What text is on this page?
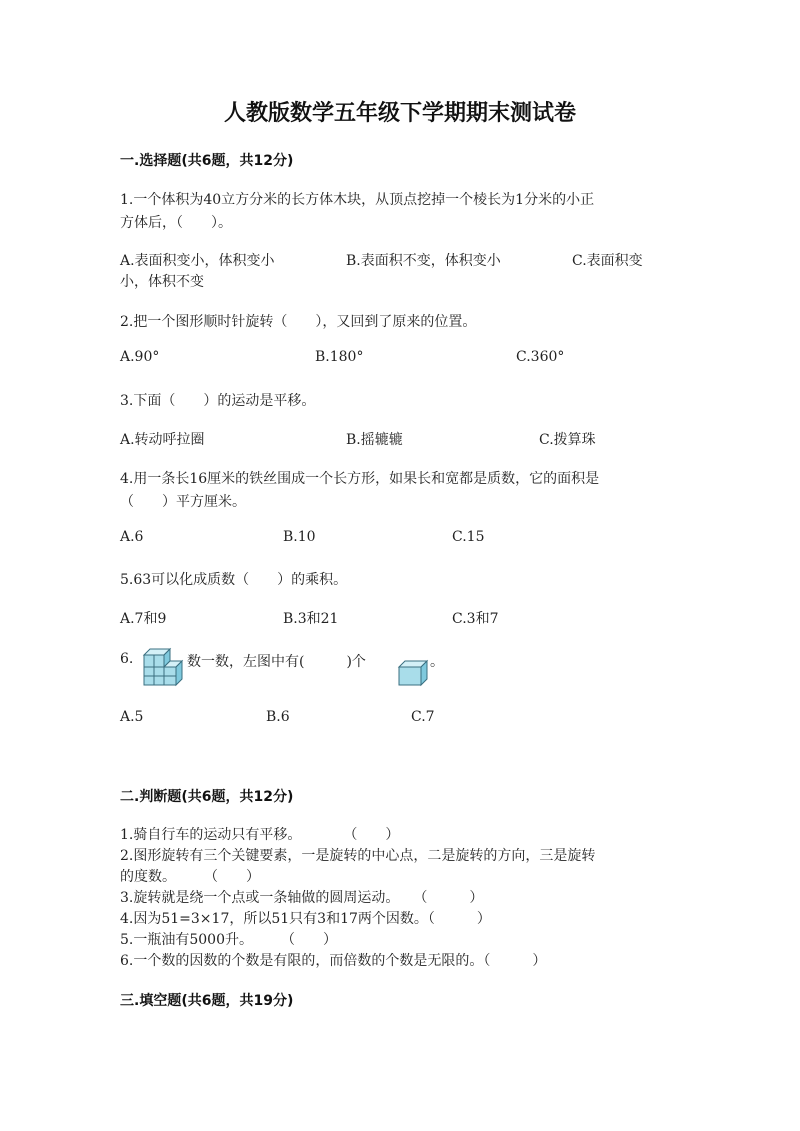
人教版数学五年级下学期期末测试卷
一.选择题(共6题，共12分)
1.一个体积为40立方分米的长方体木块，从顶点挖掉一个棱长为1分米的小正
方体后，（　　）。
A.表面积变小，体积变小	B.表面积不变，体积变小	C.表面积变
小，体积不变
2.把一个图形顺时针旋转（　　），又回到了原来的位置。
A.90°	B.180°	C.360°
3.下面（　　）的运动是平移。
A.转动呼拉圈	B.摇辘辘	C.拨算珠
4.用一条长16厘米的铁丝围成一个长方形，如果长和宽都是质数，它的面积是
（　　）平方厘米。
A.6	B.10	C.15
5.63可以化成质数（　　）的乘积。
A.7和9	B.3和21	C.3和7
6.	数一数，左图中有(　　　)个	。
A.5	B.6	C.7
二.判断题(共6题，共12分)
1.骑自行车的运动只有平移。　　　　（　　）
2.图形旋转有三个关键要素，一是旋转的中心点，二是旋转的方向，三是旋转
的度数。　　　（　　）
3.旋转就是绕一个点或一条轴做的圆周运动。　　（　　　）
4.因为51=3×17，所以51只有3和17两个因数。（　　　）
5.一瓶油有5000升。　　　（　　）
6.一个数的因数的个数是有限的，而倍数的个数是无限的。（　　　）
三.填空题(共6题，共19分)
